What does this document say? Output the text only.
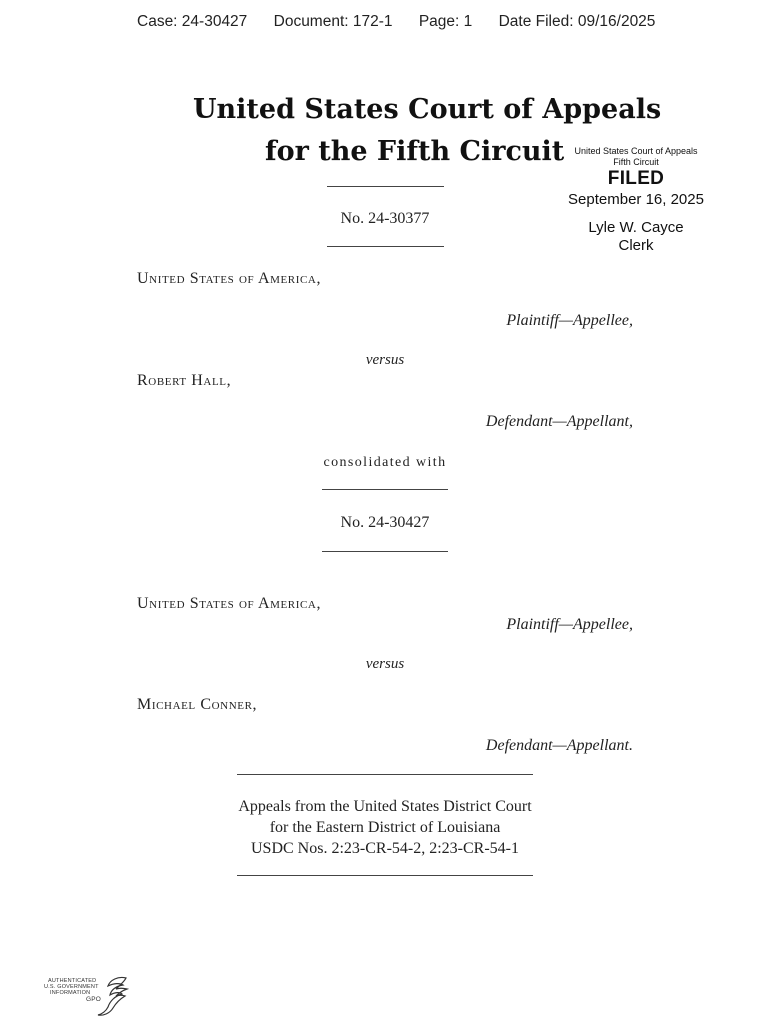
Case: 24-30427 Document: 172-1 Page: 1 Date Filed: 09/16/2025
United States Court of Appeals
for the Fifth Circuit	United States Court of Appeals
Fifth Circuit
FILED
September 16, 2025
Lyle W. Cayce
Clerk
No. 24-30377
United States of America,
Plaintiff—Appellee,
versus
Robert Hall,
Defendant—Appellant,
consolidated with
No. 24-30427
United States of America,
Plaintiff—Appellee,
versus
Michael Conner,
Defendant—Appellant.
Appeals from the United States District Court
for the Eastern District of Louisiana
USDC Nos. 2:23-CR-54-2, 2:23-CR-54-1
AUTHENTICATED
U.S. GOVERNMENT
INFORMATION
GPO
